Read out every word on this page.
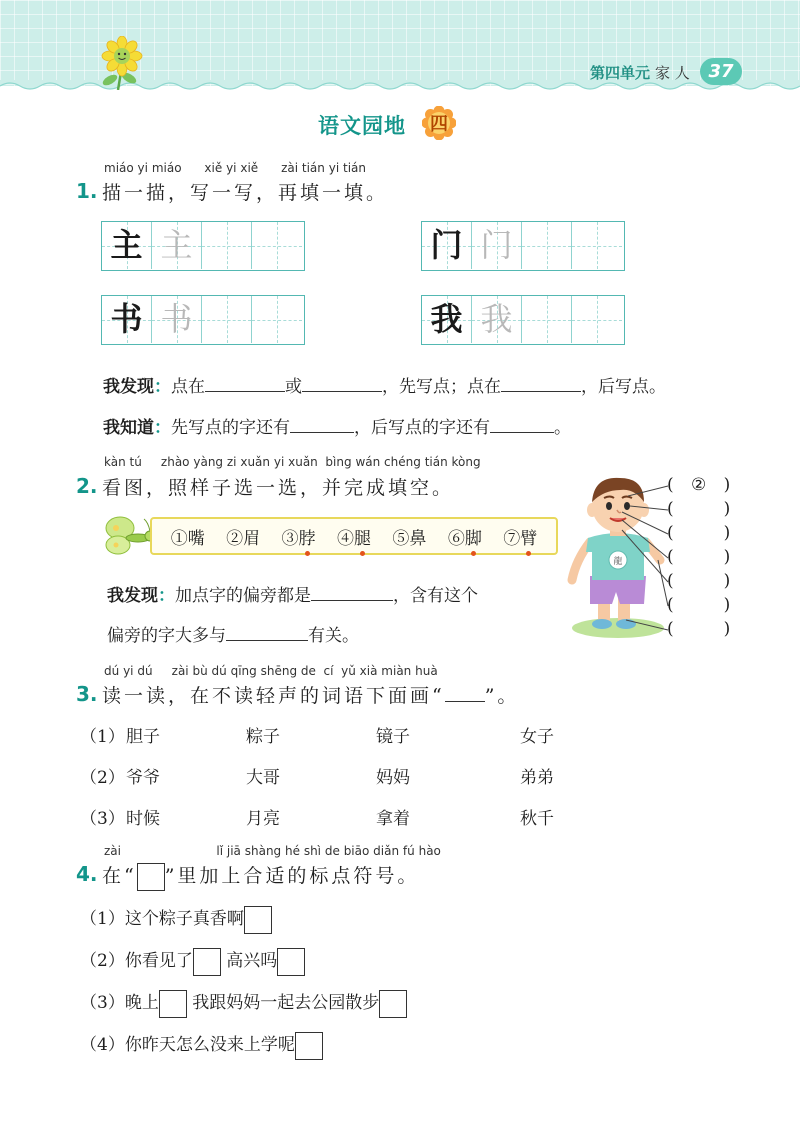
第四单元 家 人	37
语文园地	四
miáo yi miáo xiě yi xiě zài tián yi tián
1. 描一描，写一写，再填一填。
主 主	门 门
书 书	我 我
我发现：点在	或	，先写点；点在	，后写点。
我知道：先写点的字还有	，后写点的字还有	。
kàn tú zhào yàng zi xuǎn yi xuǎn bìng wán chéng tián kòng
2. 看图，照样子选一选，并完成填空。
①嘴 ②眉 ③脖 ④腿 ⑤鼻 ⑥脚 ⑦臂
我发现：加点字的偏旁都是	，含有这个
偏旁的字大多与	有关。
龍
( ② )
(	)
(	)
(	)
(	)
(	)
(	)
dú yi dú zài bù dú qīng shēng de cí yǔ xià miàn huà
3. 读一读，在不读轻声的词语下面画“ ”。
（1） 胆子	粽子	镜子	女子
（2） 爷爷	大哥	妈妈	弟弟
（3） 时候	月亮	拿着	秋千
zài	lǐ jiā shàng hé shì de biāo diǎn fú hào
4. 在“ ”里加上合适的标点符号。
（1）这个粽子真香啊
（2）你看见了 高兴吗
（3）晚上 我跟妈妈一起去公园散步
（4）你昨天怎么没来上学呢
